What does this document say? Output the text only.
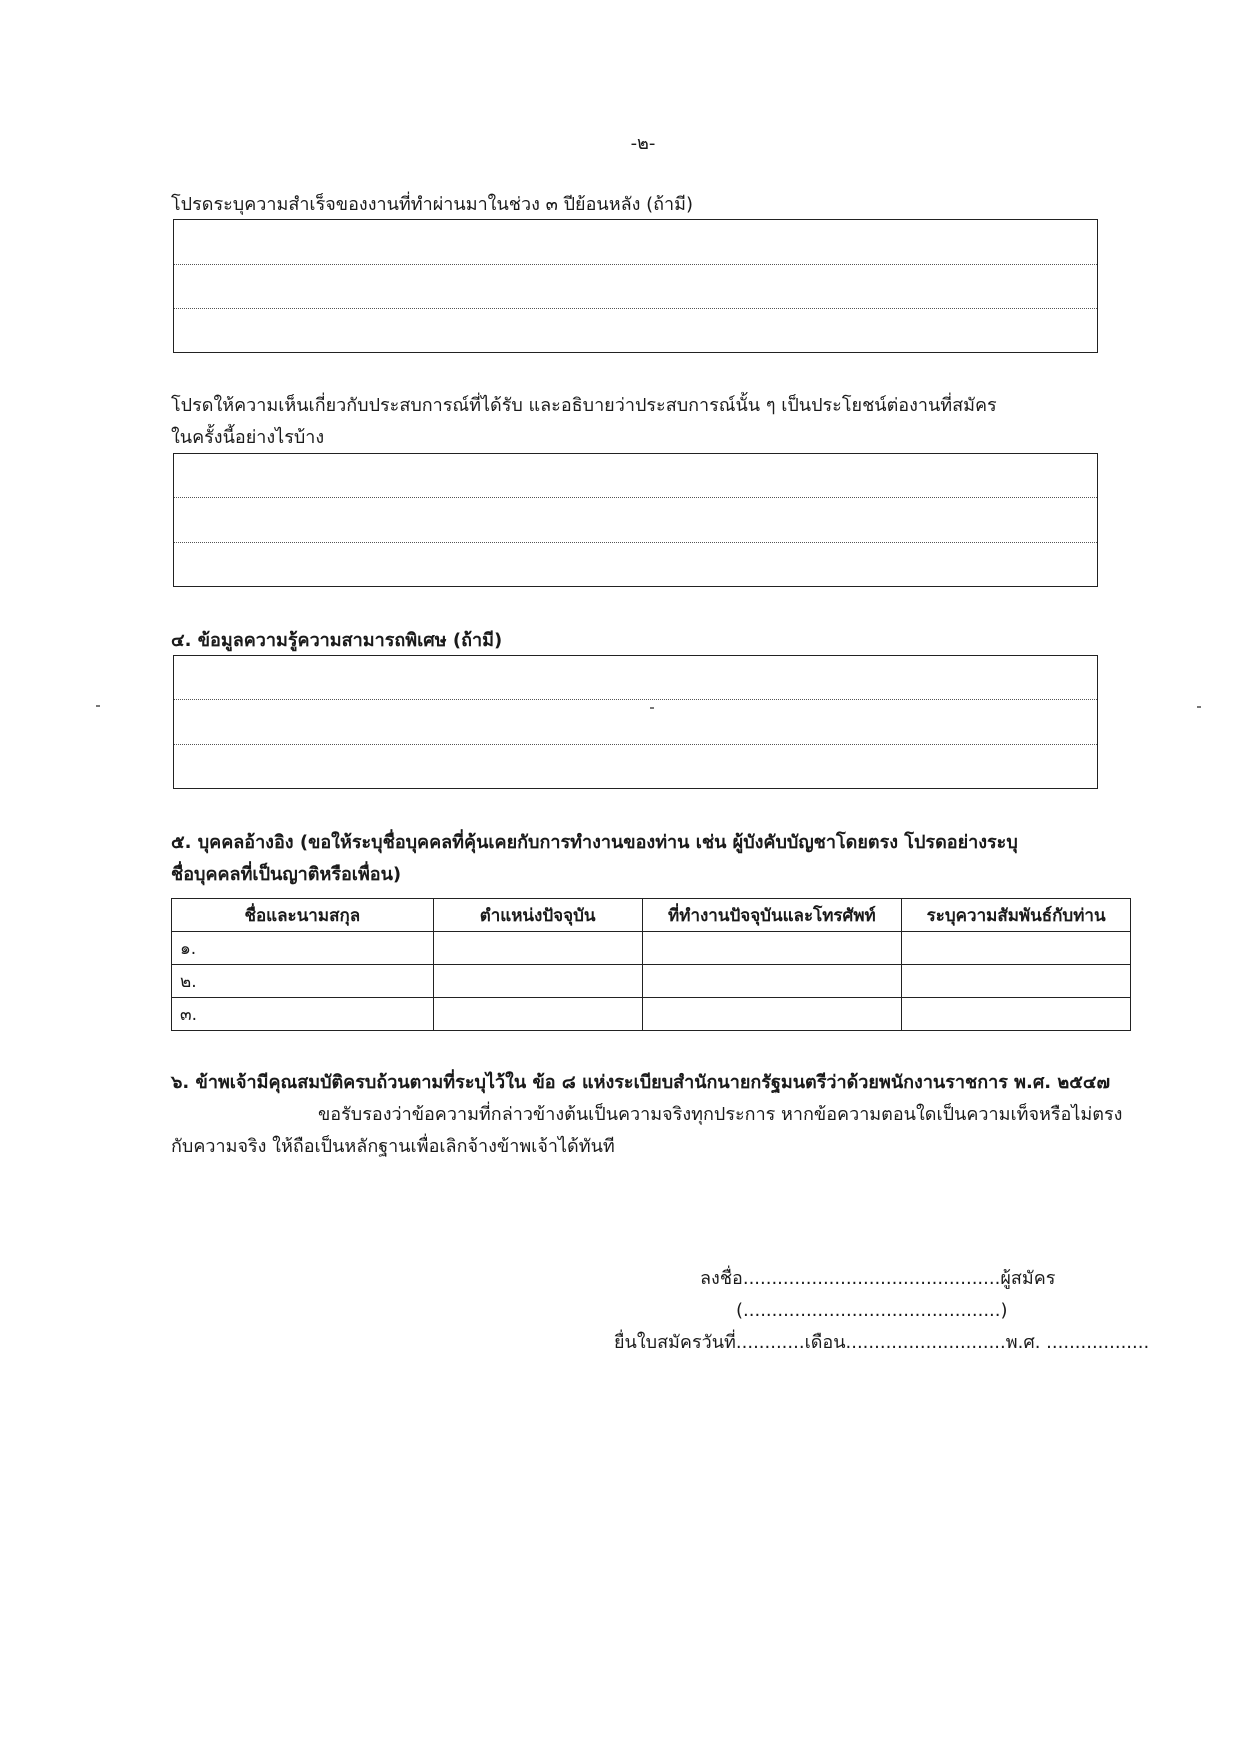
-๒-
โปรดระบุความสำเร็จของงานที่ทำผ่านมาในช่วง ๓ ปีย้อนหลัง (ถ้ามี)
โปรดให้ความเห็นเกี่ยวกับประสบการณ์ที่ได้รับ และอธิบายว่าประสบการณ์นั้น ๆ เป็นประโยชน์ต่องานที่สมัคร
ในครั้งนี้อย่างไรบ้าง
๔. ข้อมูลความรู้ความสามารถพิเศษ (ถ้ามี)
๕. บุคคลอ้างอิง (ขอให้ระบุชื่อบุคคลที่คุ้นเคยกับการทำงานของท่าน เช่น ผู้บังคับบัญชาโดยตรง โปรดอย่างระบุ
ชื่อบุคคลที่เป็นญาติหรือเพื่อน)
ชื่อและนามสกุล	ตำแหน่งปัจจุบัน	ที่ทำงานปัจจุบันและโทรศัพท์	ระบุความสัมพันธ์กับท่าน
๑.			
๒.			
๓.			
๖. ข้าพเจ้ามีคุณสมบัติครบถ้วนตามที่ระบุไว้ใน ข้อ ๘ แห่งระเบียบสำนักนายกรัฐมนตรีว่าด้วยพนักงานราชการ พ.ศ. ๒๕๔๗
ขอรับรองว่าข้อความที่กล่าวข้างต้นเป็นความจริงทุกประการ หากข้อความตอนใดเป็นความเท็จหรือไม่ตรง
กับความจริง ให้ถือเป็นหลักฐานเพื่อเลิกจ้างข้าพเจ้าได้ทันที
ลงชื่อ.............................................ผู้สมัคร
(.............................................)
ยื่นใบสมัครวันที่............เดือน............................พ.ศ. ..................
